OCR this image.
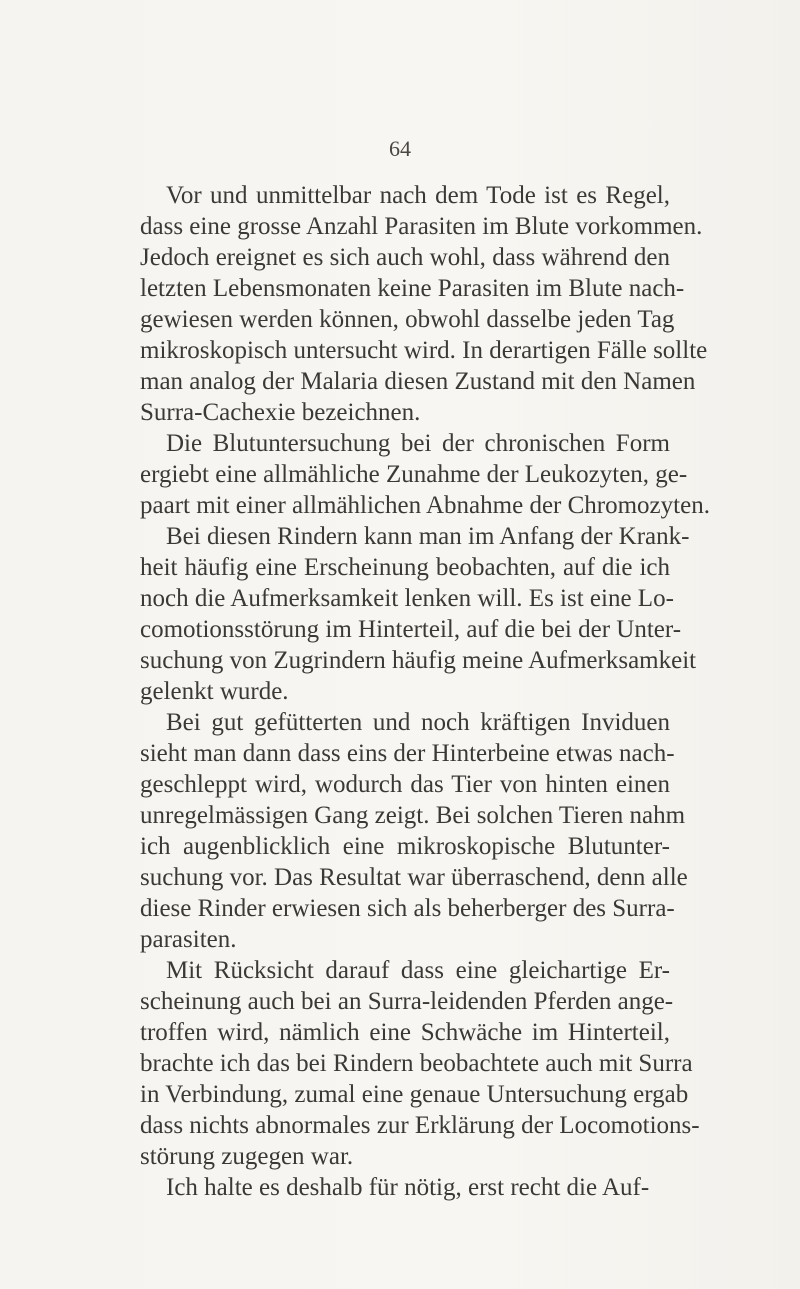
64
Vor und unmittelbar nach dem Tode ist es Regel,
dass eine grosse Anzahl Parasiten im Blute vorkommen.
Jedoch ereignet es sich auch wohl, dass während den
letzten Lebensmonaten keine Parasiten im Blute nach-
gewiesen werden können, obwohl dasselbe jeden Tag
mikroskopisch untersucht wird. In derartigen Fälle sollte
man analog der Malaria diesen Zustand mit den Namen
Surra-Cachexie bezeichnen.
Die Blutuntersuchung bei der chronischen Form
ergiebt eine allmähliche Zunahme der Leukozyten, ge-
paart mit einer allmählichen Abnahme der Chromozyten.
Bei diesen Rindern kann man im Anfang der Krank-
heit häufig eine Erscheinung beobachten, auf die ich
noch die Aufmerksamkeit lenken will. Es ist eine Lo-
comotionsstörung im Hinterteil, auf die bei der Unter-
suchung von Zugrindern häufig meine Aufmerksamkeit
gelenkt wurde.
Bei gut gefütterten und noch kräftigen Inviduen
sieht man dann dass eins der Hinterbeine etwas nach-
geschleppt wird, wodurch das Tier von hinten einen
unregelmässigen Gang zeigt. Bei solchen Tieren nahm
ich augenblicklich eine mikroskopische Blutunter-
suchung vor. Das Resultat war überraschend, denn alle
diese Rinder erwiesen sich als beherberger des Surra-
parasiten.
Mit Rücksicht darauf dass eine gleichartige Er-
scheinung auch bei an Surra-leidenden Pferden ange-
troffen wird, nämlich eine Schwäche im Hinterteil,
brachte ich das bei Rindern beobachtete auch mit Surra
in Verbindung, zumal eine genaue Untersuchung ergab
dass nichts abnormales zur Erklärung der Locomotions-
störung zugegen war.
Ich halte es deshalb für nötig, erst recht die Auf-
